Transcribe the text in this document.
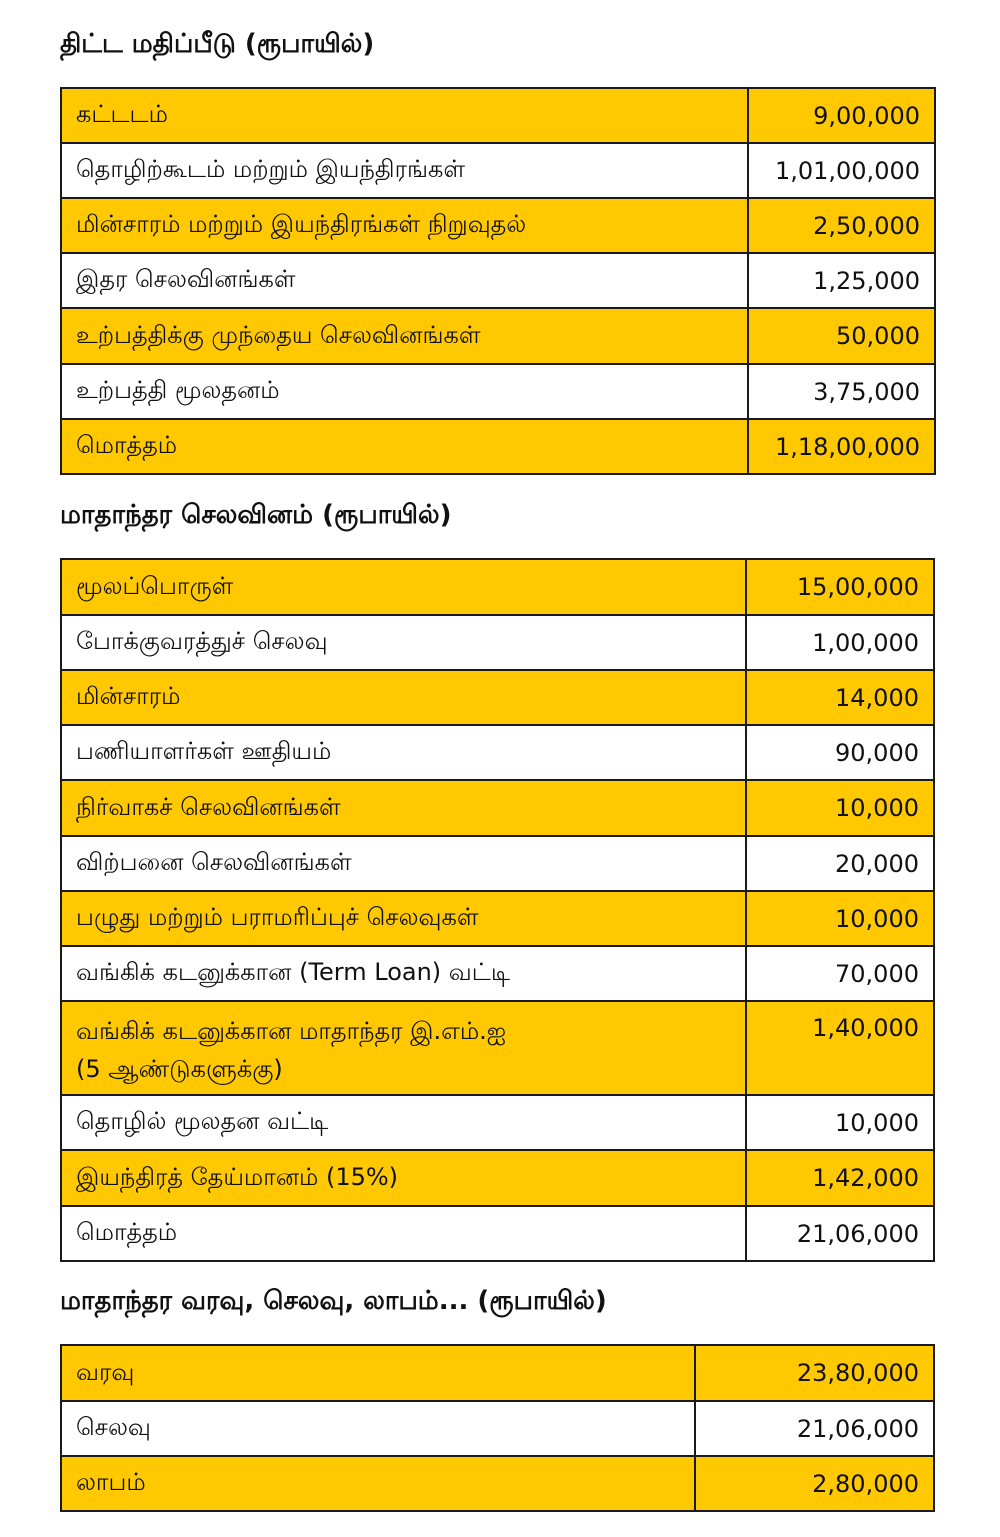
திட்ட மதிப்பீடு (ரூபாயில்)
கட்டடம்	9,00,000
தொழிற்கூடம் மற்றும் இயந்திரங்கள்	1,01,00,000
மின்சாரம் மற்றும் இயந்திரங்கள் நிறுவுதல்	2,50,000
இதர செலவினங்கள்	1,25,000
உற்பத்திக்கு முந்தைய செலவினங்கள்	50,000
உற்பத்தி மூலதனம்	3,75,000
மொத்தம்	1,18,00,000
மாதாந்தர செலவினம் (ரூபாயில்)
மூலப்பொருள்	15,00,000
போக்குவரத்துச் செலவு	1,00,000
மின்சாரம்	14,000
பணியாளர்கள் ஊதியம்	90,000
நிர்வாகச் செலவினங்கள்	10,000
விற்பனை செலவினங்கள்	20,000
பழுது மற்றும் பராமரிப்புச் செலவுகள்	10,000
வங்கிக் கடனுக்கான (Term Loan) வட்டி	70,000

வங்கிக் கடனுக்கான மாதாந்தர இ.எம்.ஐ
(5 ஆண்டுகளுக்கு)	1,40,000
தொழில் மூலதன வட்டி	10,000
இயந்திரத் தேய்மானம் (15%)	1,42,000
மொத்தம்	21,06,000
மாதாந்தர வரவு, செலவு, லாபம்... (ரூபாயில்)
வரவு	23,80,000
செலவு	21,06,000
லாபம்	2,80,000
